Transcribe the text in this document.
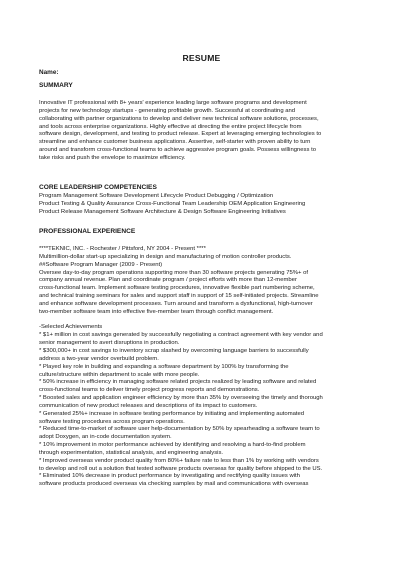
RESUME
Name:
SUMMARY
Innovative IT professional with 8+ years' experience leading large software programs and development
projects for new technology startups - generating profitable growth. Successful at coordinating and
collaborating with partner organizations to develop and deliver new technical software solutions, processes,
and tools across enterprise organizations. Highly effective at directing the entire project lifecycle from
software design, development, and testing to product release. Expert at leveraging emerging technologies to
streamline and enhance customer business applications. Assertive, self-starter with proven ability to turn
around and transform cross-functional teams to achieve aggressive program goals. Possess willingness to
take risks and push the envelope to maximize efficiency.
CORE LEADERSHIP COMPETENCIES
Program Management Software Development Lifecycle Product Debugging / Optimization
Product Testing & Quality Assurance Cross-Functional Team Leadership OEM Application Engineering
Product Release Management Software Architecture & Design Software Engineering Initiatives
PROFESSIONAL EXPERIENCE
****TEKNIC, INC. - Rochester / Pittsford, NY 2004 - Present ****
Multimillion-dollar start-up specializing in design and manufacturing of motion controller products.
##Software Program Manager (2009 - Present)
Oversee day-to-day program operations supporting more than 30 software projects generating 75%+ of
company annual revenue. Plan and coordinate program / project efforts with more than 12-member
cross-functional team. Implement software testing procedures, innovative flexible part numbering scheme,
and technical training seminars for sales and support staff in support of 15 self-initiated projects. Streamline
and enhance software development processes. Turn around and transform a dysfunctional, high-turnover
two-member software team into effective five-member team through conflict management.
-Selected Achievements
* $1+ million in cost savings generated by successfully negotiating a contract agreement with key vendor and
senior management to avert disruptions in production.
* $300,000+ in cost savings to inventory scrap slashed by overcoming language barriers to successfully
address a two-year vendor overbuild problem.
* Played key role in building and expanding a software department by 100% by transforming the
culture/structure within department to scale with more people.
* 50% increase in efficiency in managing software related projects realized by leading software and related
cross-functional teams to deliver timely project progress reports and demonstrations.
* Boosted sales and application engineer efficiency by more than 35% by overseeing the timely and thorough
communication of new product releases and descriptions of its impact to customers.
* Generated 25%+ increase in software testing performance by initiating and implementing automated
software testing procedures across program operations.
* Reduced time-to-market of software user help-documentation by 50% by spearheading a software team to
adopt Doxygen, an in-code documentation system.
* 10% improvement in motor performance achieved by identifying and resolving a hard-to-find problem
through experimentation, statistical analysis, and engineering analysis.
* Improved overseas vendor product quality from 80%+ failure rate to less than 1% by working with vendors
to develop and roll out a solution that tested software products overseas for quality before shipped to the US.
* Eliminated 10% decrease in product performance by investigating and rectifying quality issues with
software products produced overseas via checking samples by mail and communications with overseas
